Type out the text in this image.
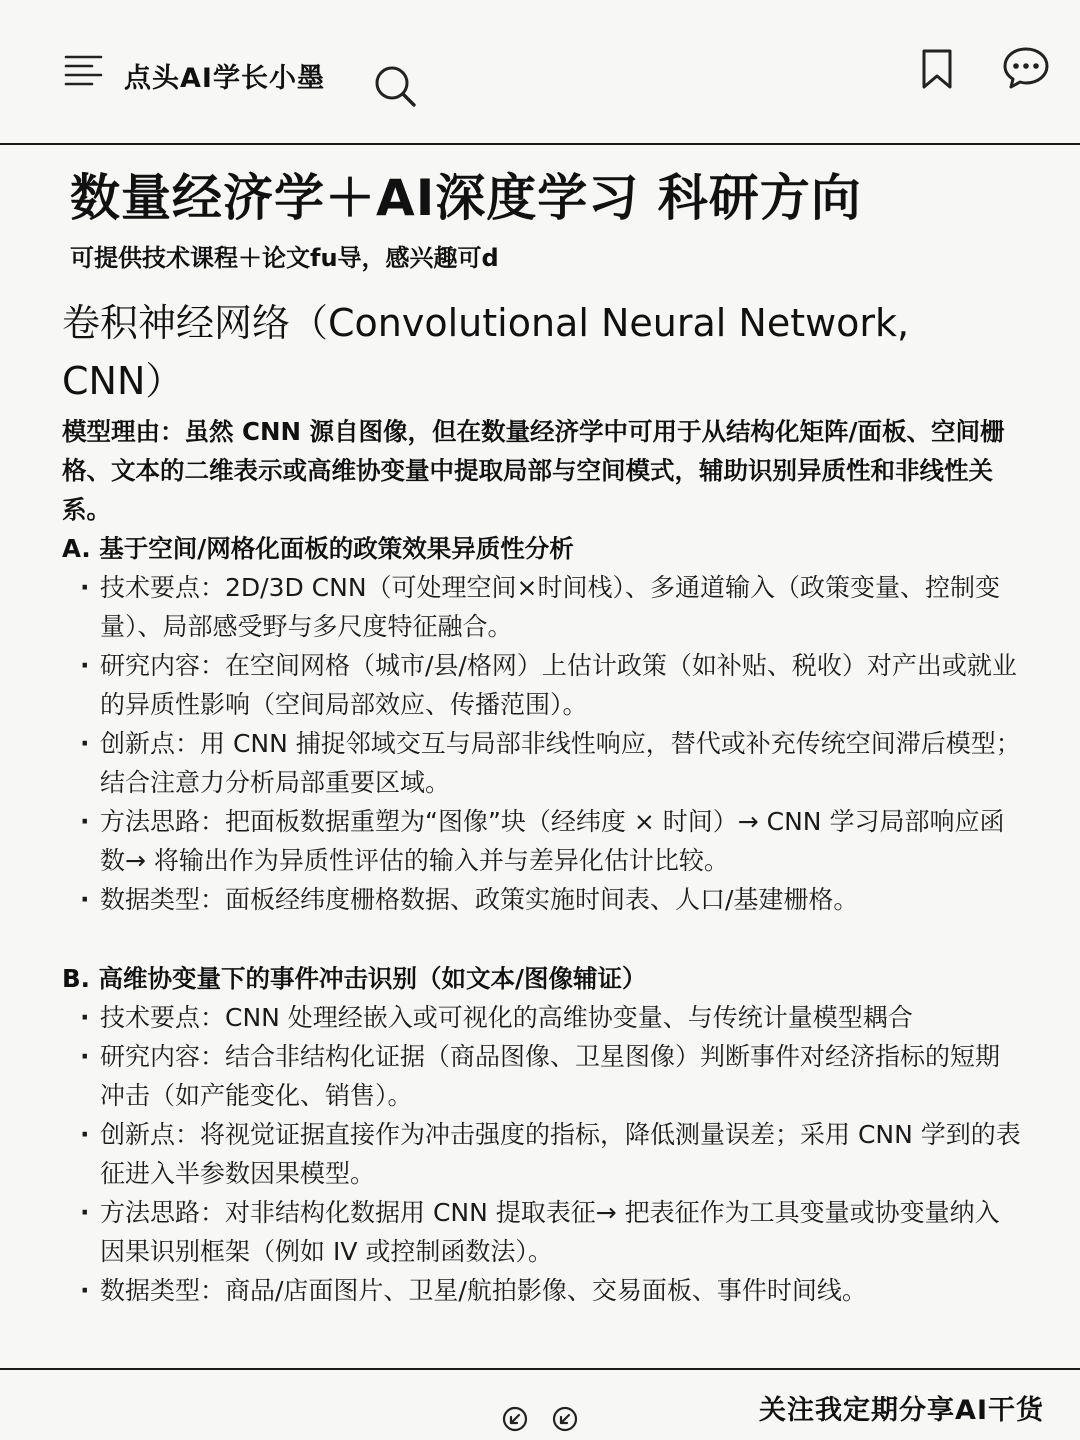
点头AI学长小墨
数量经济学＋AI深度学习 科研方向
可提供技术课程＋论文fu导，感兴趣可d
卷积神经网络（Convolutional Neural Network, CNN）
模型理由：虽然 CNN 源自图像，但在数量经济学中可用于从结构化矩阵/面板、空间栅格、文本的二维表示或高维协变量中提取局部与空间模式，辅助识别异质性和非线性关系。
A. 基于空间/网格化面板的政策效果异质性分析
· 技术要点：2D/3D CNN（可处理空间×时间栈）、多通道输入（政策变量、控制变量）、局部感受野与多尺度特征融合。
· 研究内容：在空间网格（城市/县/格网）上估计政策（如补贴、税收）对产出或就业的异质性影响（空间局部效应、传播范围）。
· 创新点：用 CNN 捕捉邻域交互与局部非线性响应，替代或补充传统空间滞后模型；结合注意力分析局部重要区域。
· 方法思路：把面板数据重塑为“图像”块（经纬度 × 时间）→ CNN 学习局部响应函数→ 将输出作为异质性评估的输入并与差异化估计比较。
· 数据类型：面板经纬度栅格数据、政策实施时间表、人口/基建栅格。
B. 高维协变量下的事件冲击识别（如文本/图像辅证）
· 技术要点：CNN 处理经嵌入或可视化的高维协变量、与传统计量模型耦合
· 研究内容：结合非结构化证据（商品图像、卫星图像）判断事件对经济指标的短期冲击（如产能变化、销售）。
· 创新点：将视觉证据直接作为冲击强度的指标，降低测量误差；采用 CNN 学到的表征进入半参数因果模型。
· 方法思路：对非结构化数据用 CNN 提取表征→ 把表征作为工具变量或协变量纳入因果识别框架（例如 IV 或控制函数法）。
· 数据类型：商品/店面图片、卫星/航拍影像、交易面板、事件时间线。
关注我定期分享AI干货
